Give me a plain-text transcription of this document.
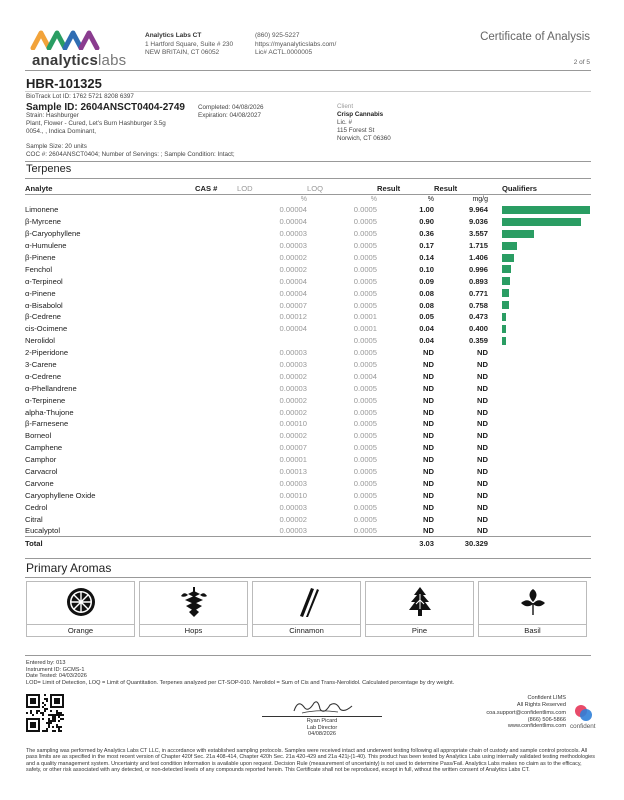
analyticslabs
Analytics Labs CT
1 Hartford Square, Suite # 230
NEW BRITAIN, CT 06052
(860) 925-5227
https://myanalyticslabs.com/
Lic# ACTL.0000005
Certificate of Analysis
2 of 5
HBR-101325
BioTrack Lot ID: 1762 5721 8208 6397
Sample ID: 2604ANSCT0404-2749 Completed: 04/08/2026
Expiration: 04/08/2027
Strain: Hashburger
Plant, Flower - Cured, Let's Burn Hashburger 3.5g
0054., , Indica Dominant,
Sample Size: 20 units
COC #: 2604ANSCT0404; Number of Servings: ; Sample Condition: Intact;
Client
Crisp Cannabis
Lic. #
115 Forest St
Norwich, CT 06360
Terpenes
Analyte	CAS #	LOD	LOQ	Result	Result	Qualifiers
		%	%	%	mg/g	
Limonene		0.00004	0.0005	1.00	9.964	

β-Myrcene		0.00004	0.0005	0.90	9.036	

β-Caryophyllene		0.00003	0.0005	0.36	3.557	

α-Humulene		0.00003	0.0005	0.17	1.715	

β-Pinene		0.00002	0.0005	0.14	1.406	

Fenchol		0.00002	0.0005	0.10	0.996	

α-Terpineol		0.00004	0.0005	0.09	0.893	

α-Pinene		0.00004	0.0005	0.08	0.771	

α-Bisabolol		0.00007	0.0005	0.08	0.758	

β-Cedrene		0.00012	0.0001	0.05	0.473	

cis-Ocimene		0.00004	0.0001	0.04	0.400	

Nerolidol			0.0005	0.04	0.359	

2-Piperidone		0.00003	0.0005	ND	ND	
3-Carene		0.00003	0.0005	ND	ND	
α-Cedrene		0.00002	0.0004	ND	ND	
α-Phellandrene		0.00003	0.0005	ND	ND	
α-Terpinene		0.00002	0.0005	ND	ND	
alpha-Thujone		0.00002	0.0005	ND	ND	
β-Farnesene		0.00010	0.0005	ND	ND	
Borneol		0.00002	0.0005	ND	ND	
Camphene		0.00007	0.0005	ND	ND	
Camphor		0.00001	0.0005	ND	ND	
Carvacrol		0.00013	0.0005	ND	ND	
Carvone		0.00003	0.0005	ND	ND	
Caryophyllene Oxide		0.00010	0.0005	ND	ND	
Cedrol		0.00003	0.0005	ND	ND	
Citral		0.00002	0.0005	ND	ND	
Eucalyptol		0.00003	0.0005	ND	ND	
Total				3.03	30.329	
Primary Aromas
Orange	Hops	Cinnamon	Pine	Basil
Entered by: 013
Instrument ID: GCMS-1
Date Tested: 04/03/2026
LOD= Limit of Detection, LOQ = Limit of Quantitation. Terpenes analyzed per CT-SOP-010. Nerolidol = Sum of Cis and Trans-Nerolidol. Calculated percentage by dry weight.
Ryan Picard
Lab Director
04/08/2026
Confident LIMS
All Rights Reserved
coa.support@confidentlims.com
(866) 506-5866
www.confidentlims.com confident
The sampling was performed by Analytics Labs CT LLC, in accordance with established sampling protocols. Samples were received intact and underwent testing following all appropriate chain of custody and sample control protocols. All pass limits are as specified in the most recent version of Chapter 420f Sec. 21a 408-414, Chapter 420h Sec. 21a 420-429 and 21a 421j-(1-40). This product has been tested by Analytics Labs using internally validated testing methodologies and a quality management system. Uncertainty and test condition information is available upon request. Decision Rule (measurement of uncertainty) is not used to determine Pass/Fail. Analytics Labs makes no claim as to the efficacy, safety, or other risk associated with any detected, or non-detected levels of any compounds reported herein. This Certificate shall not be reproduced, except in full, without the written consent of Analytics Labs CT.
